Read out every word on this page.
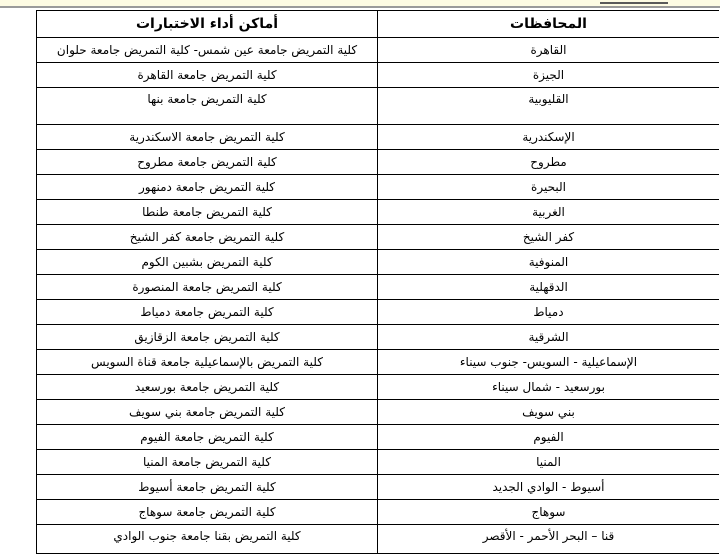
المحافظات	أماكن أداء الاختبارات
القاهرة	كلية التمريض جامعة عين شمس- كلية التمريض جامعة حلوان
الجيزة	كلية التمريض جامعة القاهرة
القليوبية	كلية التمريض جامعة بنها
الإسكندرية	كلية التمريض جامعة الاسكندرية
مطروح	كلية التمريض جامعة مطروح
البحيرة	كلية التمريض جامعة دمنهور
الغربية	كلية التمريض جامعة طنطا
كفر الشيخ	كلية التمريض جامعة كفر الشيخ
المنوفية	كلية التمريض بشبين الكوم
الدقهلية	كلية التمريض جامعة المنصورة
دمياط	كلية التمريض جامعة دمياط
الشرقية	كلية التمريض جامعة الزقازيق
الإسماعيلية - السويس- جنوب سيناء	كلية التمريض بالإسماعيلية جامعة قناة السويس
بورسعيد - شمال سيناء	كلية التمريض جامعة بورسعيد
بني سويف	كلية التمريض جامعة بني سويف
الفيوم	كلية التمريض جامعة الفيوم
المنيا	كلية التمريض جامعة المنيا
أسيوط - الوادي الجديد	كلية التمريض جامعة أسيوط
سوهاج	كلية التمريض جامعة سوهاج
قنا – البحر الأحمر - الأقصر	كلية التمريض بقنا جامعة جنوب الوادي
